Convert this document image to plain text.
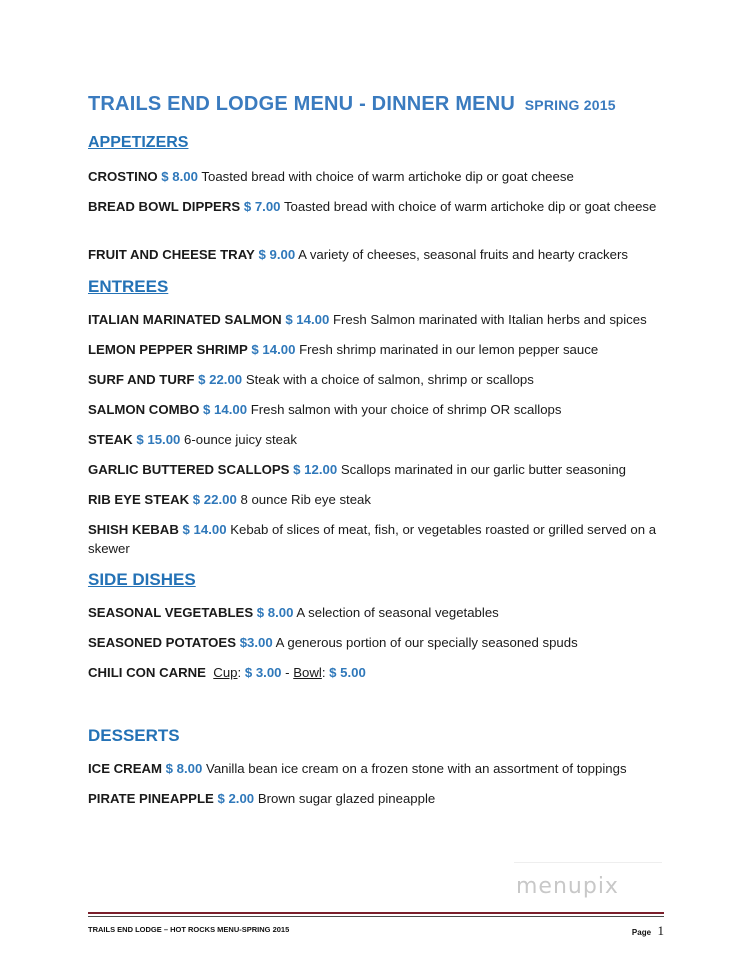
TRAILS END LODGE MENU - DINNER MENU SPRING 2015
APPETIZERS

CROSTINO $ 8.00 Toasted bread with choice of warm artichoke dip or goat cheese

BREAD BOWL DIPPERS $ 7.00 Toasted bread with choice of warm artichoke dip or goat cheese

FRUIT AND CHEESE TRAY $ 9.00 A variety of cheeses, seasonal fruits and hearty crackers

ENTREES

ITALIAN MARINATED SALMON $ 14.00 Fresh Salmon marinated with Italian herbs and spices

LEMON PEPPER SHRIMP $ 14.00 Fresh shrimp marinated in our lemon pepper sauce

SURF AND TURF $ 22.00 Steak with a choice of salmon, shrimp or scallops

SALMON COMBO $ 14.00 Fresh salmon with your choice of shrimp OR scallops

STEAK $ 15.00 6-ounce juicy steak

GARLIC BUTTERED SCALLOPS $ 12.00 Scallops marinated in our garlic butter seasoning

RIB EYE STEAK $ 22.00 8 ounce Rib eye steak

SHISH KEBAB $ 14.00 Kebab of slices of meat, fish, or vegetables roasted or grilled served on a skewer

SIDE DISHES

SEASONAL VEGETABLES $ 8.00 A selection of seasonal vegetables

SEASONED POTATOES $3.00 A generous portion of our specially seasoned spuds

CHILI CON CARNE Cup: $ 3.00 - Bowl: $ 5.00

DESSERTS

ICE CREAM $ 8.00 Vanilla bean ice cream on a frozen stone with an assortment of toppings

PIRATE PINEAPPLE $ 2.00 Brown sugar glazed pineapple

menupix
TRAILS END LODGE – HOT ROCKS MENU-SPRING 2015	Page 1
